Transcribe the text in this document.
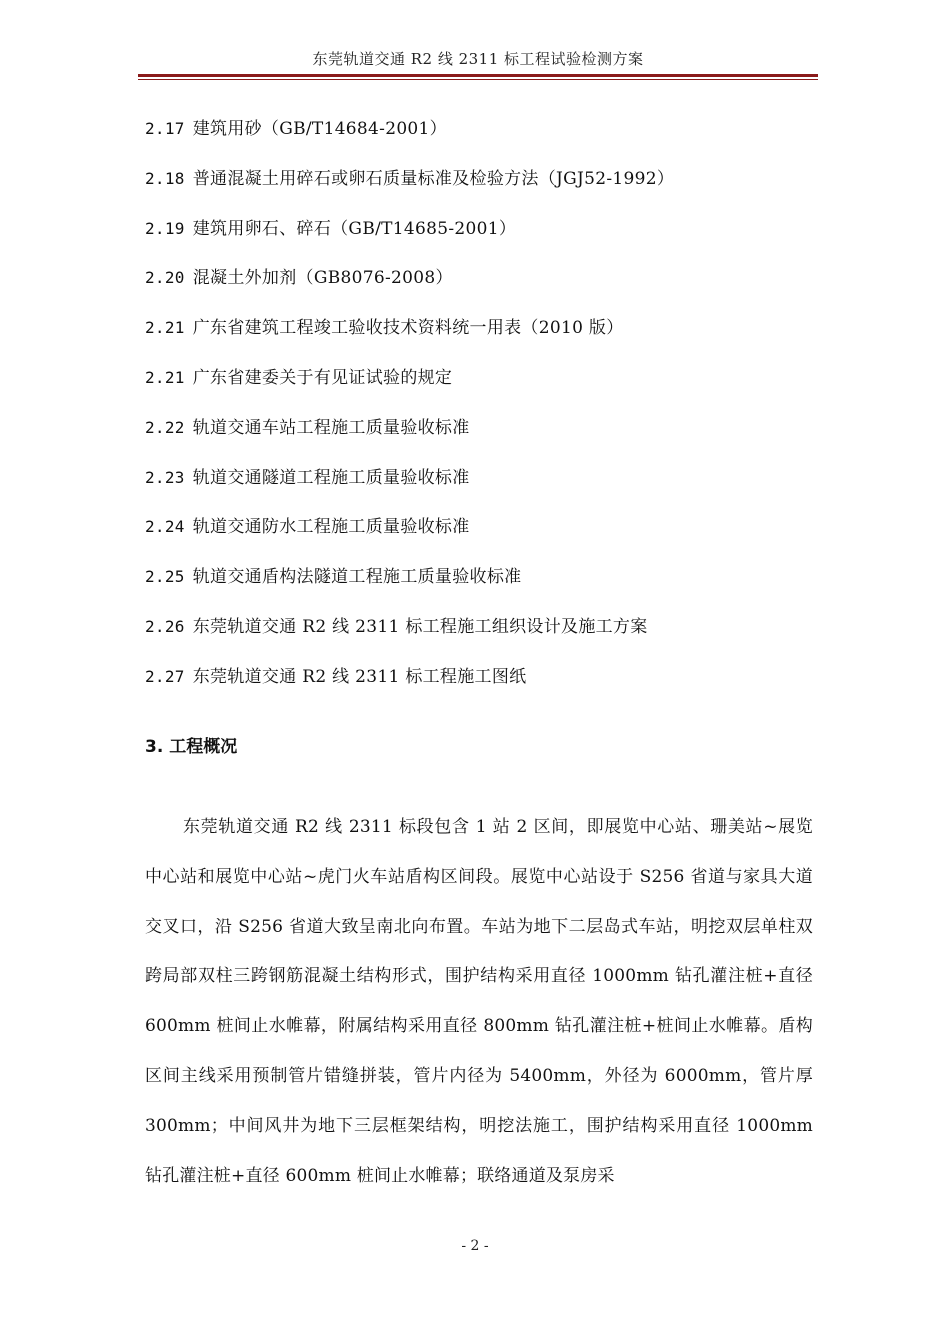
东莞轨道交通 R2 线 2311 标工程试验检测方案
2.17 建筑用砂（GB/T14684-2001）
2.18 普通混凝土用碎石或卵石质量标准及检验方法（JGJ52-1992）
2.19 建筑用卵石、碎石（GB/T14685-2001）
2.20 混凝土外加剂（GB8076-2008）
2.21 广东省建筑工程竣工验收技术资料统一用表（2010 版）
2.21 广东省建委关于有见证试验的规定
2.22 轨道交通车站工程施工质量验收标准
2.23 轨道交通隧道工程施工质量验收标准
2.24 轨道交通防水工程施工质量验收标准
2.25 轨道交通盾构法隧道工程施工质量验收标准
2.26 东莞轨道交通 R2 线 2311 标工程施工组织设计及施工方案
2.27 东莞轨道交通 R2 线 2311 标工程施工图纸
3. 工程概况

东莞轨道交通 R2 线 2311 标段包含 1 站 2 区间，即展览中心站、珊美站~展览中心站和展览中心站~虎门火车站盾构区间段。展览中心站设于 S256 省道与家具大道交叉口，沿 S256 省道大致呈南北向布置。车站为地下二层岛式车站，明挖双层单柱双跨局部双柱三跨钢筋混凝土结构形式，围护结构采用直径 1000mm 钻孔灌注桩+直径 600mm 桩间止水帷幕，附属结构采用直径 800mm 钻孔灌注桩+桩间止水帷幕。盾构区间主线采用预制管片错缝拼装，管片内径为 5400mm，外径为 6000mm，管片厚 300mm；中间风井为地下三层框架结构，明挖法施工，围护结构采用直径 1000mm 钻孔灌注桩+直径 600mm 桩间止水帷幕；联络通道及泵房采

- 2 -
